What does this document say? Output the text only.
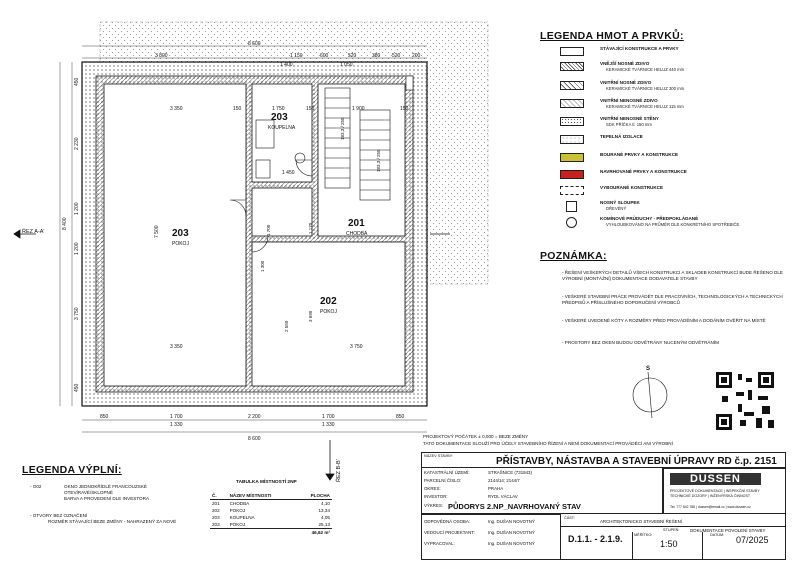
8 600
3 800	1 150	600	520	380 520 200
1 400	1 050
8 400
450
2 230
1 200
1 200
3 750
450
3 350	150	1 750	150	1 900	150
7 500
1 450
3 750
3 350
183,3 / 250
183,3 / 250
1 170
1 700
1 300
2 550
3 690
850	1 700	2 200	1 700	850
1 330	1 330
8 600
203
POKOJ
203
KOUPELNA
201
CHODBA
202
POKOJ
ŘEZ A-A'
ŘEZ B-B'
S
PROJEKTOVÝ POČÁTEK ± 0,000 = BEZE ZMĚNY
TATO DOKUMENTACE SLOUŽÍ PRO ÚČELY STAVEBNÍHO ŘÍZENÍ A NENÍ DOKUMENTACÍ PROVÁDĚCÍ ANI VÝROBNÍ
LEGENDA HMOT A PRVKŮ:
STÁVAJÍCÍ KONSTRUKCE A PRVKY
VNĚJŠÍ NOSNÉ ZDIVO
KERAMICKÉ TVÁRNICE HELUZ 440 mm
VNITŘNÍ NOSNÉ ZDIVO
KERAMICKÉ TVÁRNICE HELUZ 300 mm
VNITŘNÍ NENOSNÉ ZDIVO
KERAMICKÉ TVÁRNICE HELUZ 115 mm
VNITŘNÍ NENOSNÉ STĚNY
SDK PŘÍČKA tl. 150 mm
TEPELNÁ IZOLACE
BOURANÉ PRVKY A KONSTRUKCE
NAVRHOVANÉ PRVKY A KONSTRUKCE
VYBOURANÉ KONSTRUKCE
NOSNÝ SLOUPEK
DŘEVĚNÝ
KOMÍNOVÉ PRŮDUCHY - PŘEDPOKLÁDANÉ
VYHLOUBKOVÁNO NA PRŮMĚR DLE KONKRÉTNÍHO SPOTŘEBIČE
POZNÁMKA:
- ŘEŠENÍ VEŠKERÝCH DETAILŮ VŠECH KONSTRUKCÍ A SKLADEB KONSTRUKCÍ BUDE ŘEŠENO DLE VÝROBNÍ (MONTÁŽNÍ) DOKUMENTACE DODAVATELE STAVBY
- VEŠKERÉ STAVEBNÍ PRÁCE PROVÁDĚT DLE PRACOVNÍCH, TECHNOLOGICKÝCH A TECHNICKÝCH PŘEDPISŮ A PŘÍSLUŠNÉHO DOPORUČENÍ VÝROBCŮ
- VEŠKERÉ UVEDENÉ KÓTY A ROZMĚRY PŘED PROVÁDĚNÍM A DODÁNÍM OVĚŘIT NA MÍSTĚ
- PROSTORY BEZ OKEN BUDOU ODVĚTRÁNY NUCENÝM ODVĚTRÁNÍM
LEGENDA VÝPLNÍ:
- O02	OKNO JEDNOKŘÍDLÉ FRANCOUZSKÉ
OTEVÍRAVÉ/SKLOPNÉ
BARVA A PROVEDENÍ DLE INVESTORA
- OTVORY BEZ OZNAČENÍ
ROZMĚR STÁVAJÍCÍ BEZE ZMĚNY - NAHRAZENÝ ZA NOVÉ
TABULKA MÍSTNOSTÍ 2NP
Č.	NÁZEV MÍSTNOSTI	PLOCHA
201	CHODBA	4,10
202	POKOJ	13,34
203	KOUPELNA	4,05
203	POKOJ	25,13
		46,62 m²
NÁZEV STAVBY:	PŘÍSTAVBY, NÁSTAVBA A STAVEBNÍ ÚPRAVY RD č.p. 2151
KATASTRÁLNÍ ÚZEMÍ:	STRAŠNICE (731943)
PARCELNÍ ČÍSLO:	2144/14; 2144/7
OKRES:	PRAHA
INVESTOR:	RYDL VÁCLAV
VÝKRES: PŮDORYS 2.NP_NAVRHOVANÝ STAV
DUSSEN
PROJEKTOVÉ DOKUMENTACE | INSPEKČNÍ STAVBY
TECHNICKÉ DOZORY | INŽENÝRSKÁ ČINNOST
Tel: 777 842 788 | dussen@email.cz | www.dussen.cz
ODPOVĚDNÁ OSOBA:	Ing. DUŠAN NOVOTNÝ
VEDOUCÍ PROJEKTANT:	Ing. DUŠAN NOVOTNÝ
VYPRACOVAL:	Ing. DUŠAN NOVOTNÝ
ČÁST:
ARCHITEKTONICKO STAVEBNÍ ŘEŠENÍ
STUPEŇ: DOKUMENTACE POVOLENÍ STAVBY
D.1.1. - 2.1.9.	MĚŘÍTKO:
1:50
DATUM: 07/2025
